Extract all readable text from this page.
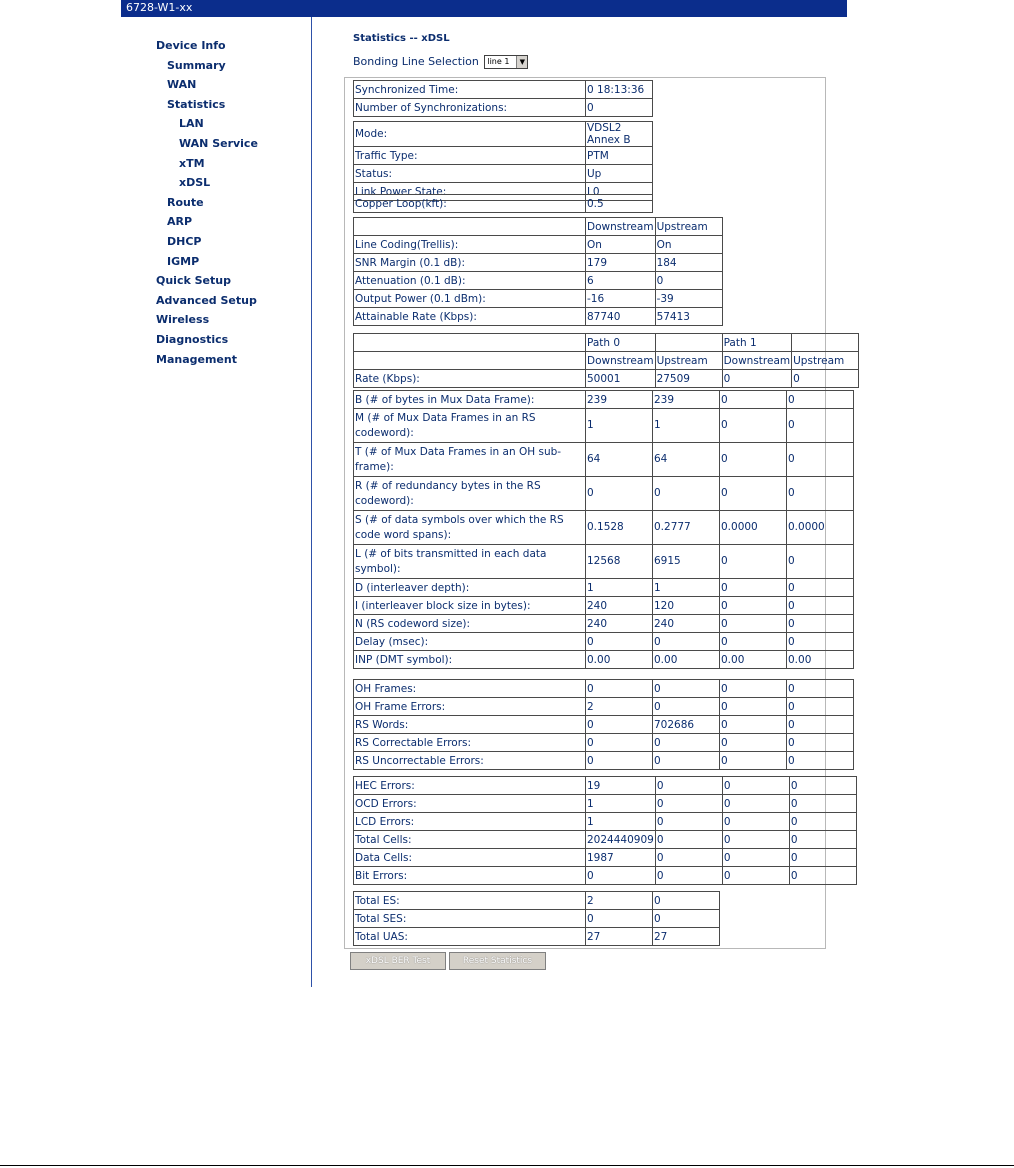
6728-W1-xx
Device Info
Summary
WAN
Statistics
LAN
WAN Service
xTM
xDSL
Route
ARP
DHCP
IGMP
Quick Setup
Advanced Setup
Wireless
Diagnostics
Management
Statistics -- xDSL
Bonding Line Selection line 1	▼
Synchronized Time:	0 18:13:36
Number of Synchronizations:	0
Mode:	VDSL2 Annex B
Traffic Type:	PTM
Status:	Up
Link Power State:	L0
Copper Loop(kft):	0.5
	Downstream	Upstream
Line Coding(Trellis):	On	On
SNR Margin (0.1 dB):	179	184
Attenuation (0.1 dB):	6	0
Output Power (0.1 dBm):	-16	-39
Attainable Rate (Kbps):	87740	57413
	Path 0		Path 1	
	Downstream	Upstream	Downstream	Upstream
Rate (Kbps):	50001	27509	0	0
B (# of bytes in Mux Data Frame):	239	239	0	0
M (# of Mux Data Frames in an RS codeword):	1	1	0	0
T (# of Mux Data Frames in an OH sub-frame):	64	64	0	0
R (# of redundancy bytes in the RS codeword):	0	0	0	0
S (# of data symbols over which the RS code word spans):	0.1528	0.2777	0.0000	0.0000
L (# of bits transmitted in each data symbol):	12568	6915	0	0
D (interleaver depth):	1	1	0	0
I (interleaver block size in bytes):	240	120	0	0
N (RS codeword size):	240	240	0	0
Delay (msec):	0	0	0	0
INP (DMT symbol):	0.00	0.00	0.00	0.00
OH Frames:	0	0	0	0
OH Frame Errors:	2	0	0	0
RS Words:	0	702686	0	0
RS Correctable Errors:	0	0	0	0
RS Uncorrectable Errors:	0	0	0	0
HEC Errors:	19	0	0	0
OCD Errors:	1	0	0	0
LCD Errors:	1	0	0	0
Total Cells:	2024440909	0	0	0
Data Cells:	1987	0	0	0
Bit Errors:	0	0	0	0
Total ES:	2	0
Total SES:	0	0
Total UAS:	27	27
xDSL BER Test	Reset Statistics
